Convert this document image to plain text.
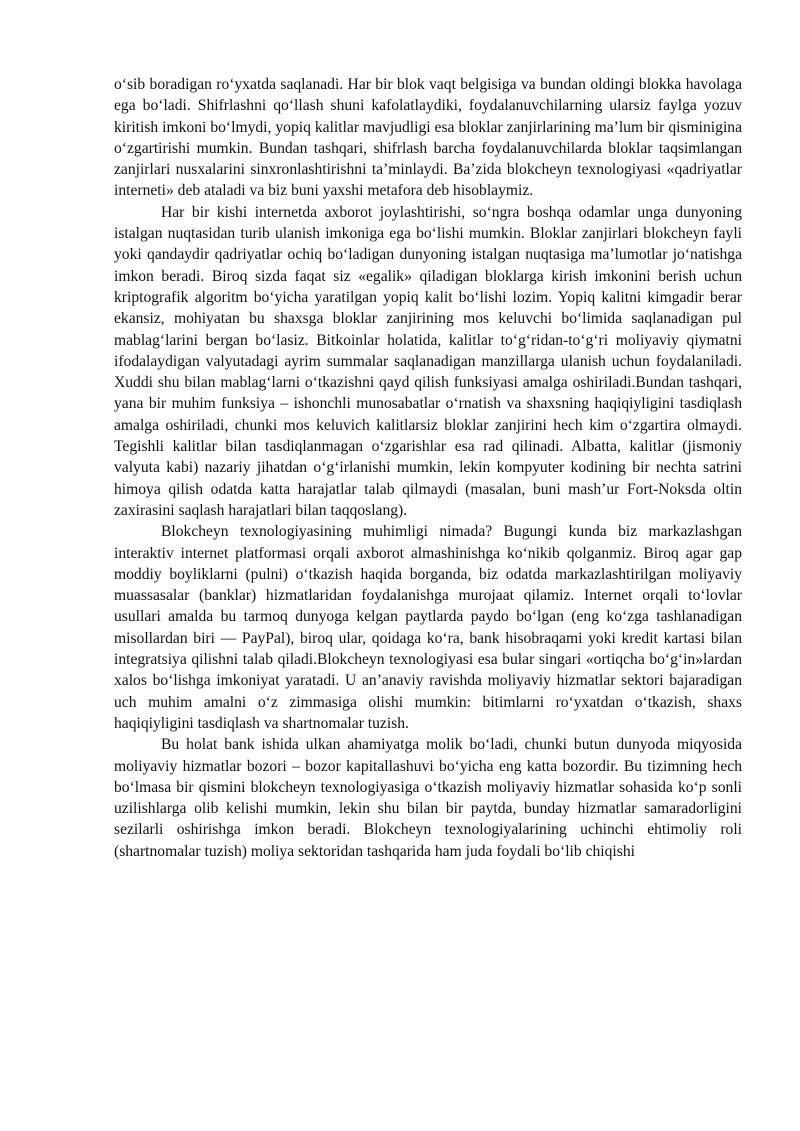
o‘sib boradigan ro‘yxatda saqlanadi. Har bir blok vaqt belgisiga va bundan oldingi blokka havolaga ega bo‘ladi. Shifrlashni qo‘llash shuni kafolatlaydiki, foydalanuvchilarning ularsiz faylga yozuv kiritish imkoni bo‘lmydi, yopiq kalitlar mavjudligi esa bloklar zanjirlarining ma’lum bir qisminigina o‘zgartirishi mumkin. Bundan tashqari, shifrlash barcha foydalanuvchilarda bloklar taqsimlangan zanjirlari nusxalarini sinxronlashtirishni ta’minlaydi. Ba’zida blokcheyn texnologiyasi «qadriyatlar interneti» deb ataladi va biz buni yaxshi metafora deb hisoblaymiz.

Har bir kishi internetda axborot joylashtirishi, so‘ngra boshqa odamlar unga dunyoning istalgan nuqtasidan turib ulanish imkoniga ega bo‘lishi mumkin. Bloklar zanjirlari blokcheyn fayli yoki qandaydir qadriyatlar ochiq bo‘ladigan dunyoning istalgan nuqtasiga ma’lumotlar jo‘natishga imkon beradi. Biroq sizda faqat siz «egalik» qiladigan bloklarga kirish imkonini berish uchun kriptografik algoritm bo‘yicha yaratilgan yopiq kalit bo‘lishi lozim. Yopiq kalitni kimgadir berar ekansiz, mohiyatan bu shaxsga bloklar zanjirining mos keluvchi bo‘limida saqlanadigan pul mablag‘larini bergan bo‘lasiz. Bitkoinlar holatida, kalitlar to‘g‘ridan-to‘g‘ri moliyaviy qiymatni ifodalaydigan valyutadagi ayrim summalar saqlanadigan manzillarga ulanish uchun foydalaniladi. Xuddi shu bilan mablag‘larni o‘tkazishni qayd qilish funksiyasi amalga oshiriladi.Bundan tashqari, yana bir muhim funksiya – ishonchli munosabatlar o‘rnatish va shaxsning haqiqiyligini tasdiqlash amalga oshiriladi, chunki mos keluvich kalitlarsiz bloklar zanjirini hech kim o‘zgartira olmaydi. Tegishli kalitlar bilan tasdiqlanmagan o‘zgarishlar esa rad qilinadi. Albatta, kalitlar (jismoniy valyuta kabi) nazariy jihatdan o‘g‘irlanishi mumkin, lekin kompyuter kodining bir nechta satrini himoya qilish odatda katta harajatlar talab qilmaydi (masalan, buni mash’ur Fort-Noksda oltin zaxirasini saqlash harajatlari bilan taqqoslang).

Blokcheyn texnologiyasining muhimligi nimada? Bugungi kunda biz markazlashgan interaktiv internet platformasi orqali axborot almashinishga ko‘nikib qolganmiz. Biroq agar gap moddiy boyliklarni (pulni) o‘tkazish haqida borganda, biz odatda markazlashtirilgan moliyaviy muassasalar (banklar) hizmatlaridan foydalanishga murojaat qilamiz. Internet orqali to‘lovlar usullari amalda bu tarmoq dunyoga kelgan paytlarda paydo bo‘lgan (eng ko‘zga tashlanadigan misollardan biri — PayPal), biroq ular, qoidaga ko‘ra, bank hisobraqami yoki kredit kartasi bilan integratsiya qilishni talab qiladi.Blokcheyn texnologiyasi esa bular singari «ortiqcha bo‘g‘in»lardan xalos bo‘lishga imkoniyat yaratadi. U an’anaviy ravishda moliyaviy hizmatlar sektori bajaradigan uch muhim amalni o‘z zimmasiga olishi mumkin: bitimlarni ro‘yxatdan o‘tkazish, shaxs haqiqiyligini tasdiqlash va shartnomalar tuzish.

Bu holat bank ishida ulkan ahamiyatga molik bo‘ladi, chunki butun dunyoda miqyosida moliyaviy hizmatlar bozori – bozor kapitallashuvi bo‘yicha eng katta bozordir. Bu tizimning hech bo‘lmasa bir qismini blokcheyn texnologiyasiga o‘tkazish moliyaviy hizmatlar sohasida ko‘p sonli uzilishlarga olib kelishi mumkin, lekin shu bilan bir paytda, bunday hizmatlar samaradorligini sezilarli oshirishga imkon beradi. Blokcheyn texnologiyalarining uchinchi ehtimoliy roli (shartnomalar tuzish) moliya sektoridan tashqarida ham juda foydali bo‘lib chiqishi
